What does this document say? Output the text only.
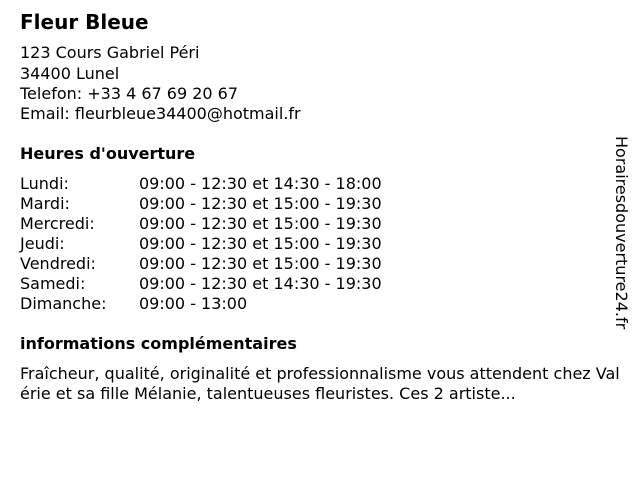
Fleur Bleue
123 Cours Gabriel Péri
34400 Lunel
Telefon: +33 4 67 69 20 67
Email: fleurbleue34400@hotmail.fr
Heures d'ouverture
Lundi:	09:00 - 12:30 et 14:30 - 18:00
Mardi:	09:00 - 12:30 et 15:00 - 19:30
Mercredi:	09:00 - 12:30 et 15:00 - 19:30
Jeudi:	09:00 - 12:30 et 15:00 - 19:30
Vendredi:	09:00 - 12:30 et 15:00 - 19:30
Samedi:	09:00 - 12:30 et 14:30 - 19:30
Dimanche: 09:00 - 13:00
informations complémentaires
Fraîcheur, qualité, originalité et professionnalisme vous attendent chez Valérie et sa fille Mélanie, talentueuses fleuristes. Ces 2 artiste...
Horairesdouverture24.fr
